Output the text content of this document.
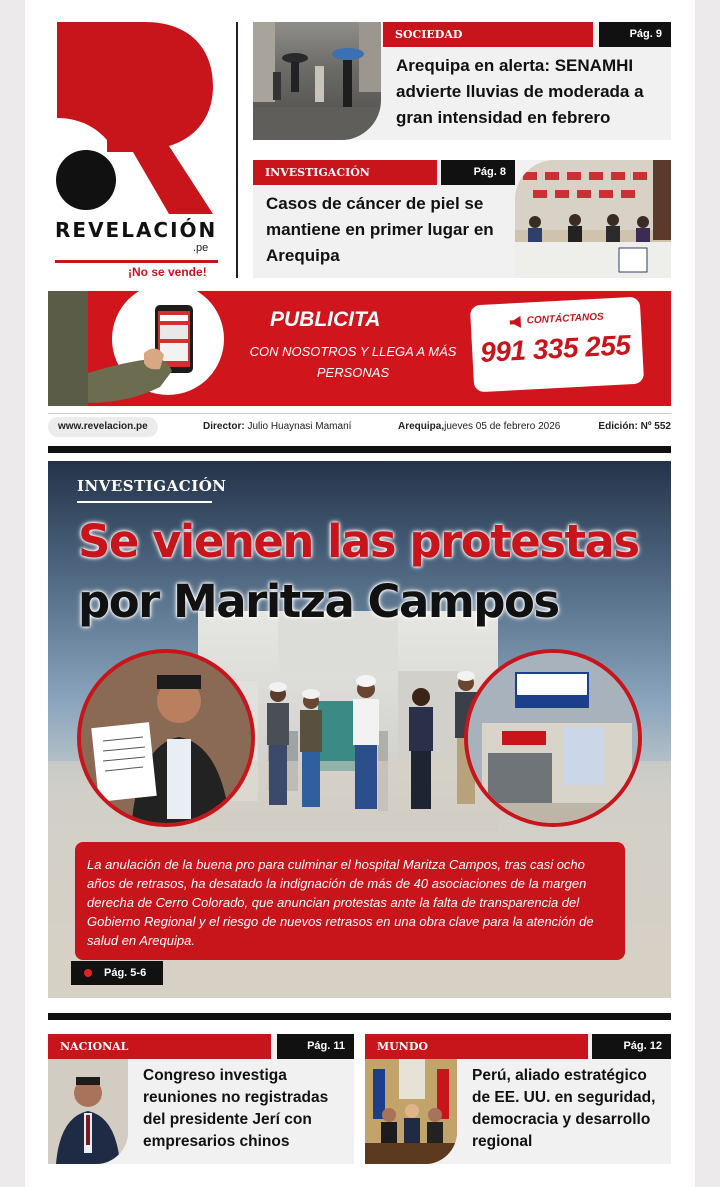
REVELACIÓN
.pe
¡No se vende!
SOCIEDAD	Pág. 9
Arequipa en alerta: SENAMHI advierte lluvias de moderada a gran intensidad en febrero
INVESTIGACIÓN	Pág. 8
Casos de cáncer de piel se mantiene en primer lugar en Arequipa
PUBLICITA
CON NOSOTROS Y LLEGA A MÁS PERSONAS
CONTÁCTANOS
991 335 255
www.revelacion.pe	Director: Julio Huaynasi Mamaní	Arequipa,jueves 05 de febrero 2026	Edición: Nº 552
INVESTIGACIÓN
Se vienen las protestas
por Maritza Campos
La anulación de la buena pro para culminar el hospital Maritza Campos, tras casi ocho años de retrasos, ha desatado la indignación de más de 40 asociaciones de la margen derecha de Cerro Colorado, que anuncian protestas ante la falta de transparencia del Gobierno Regional y el riesgo de nuevos retrasos en una obra clave para la atención de salud en Arequipa.
Pág. 5-6
NACIONAL	Pág. 11
Congreso investiga reuniones no registradas del presidente Jerí con empresarios chinos
MUNDO	Pág. 12
Perú, aliado estratégico de EE. UU. en seguridad, democracia y desarrollo regional
